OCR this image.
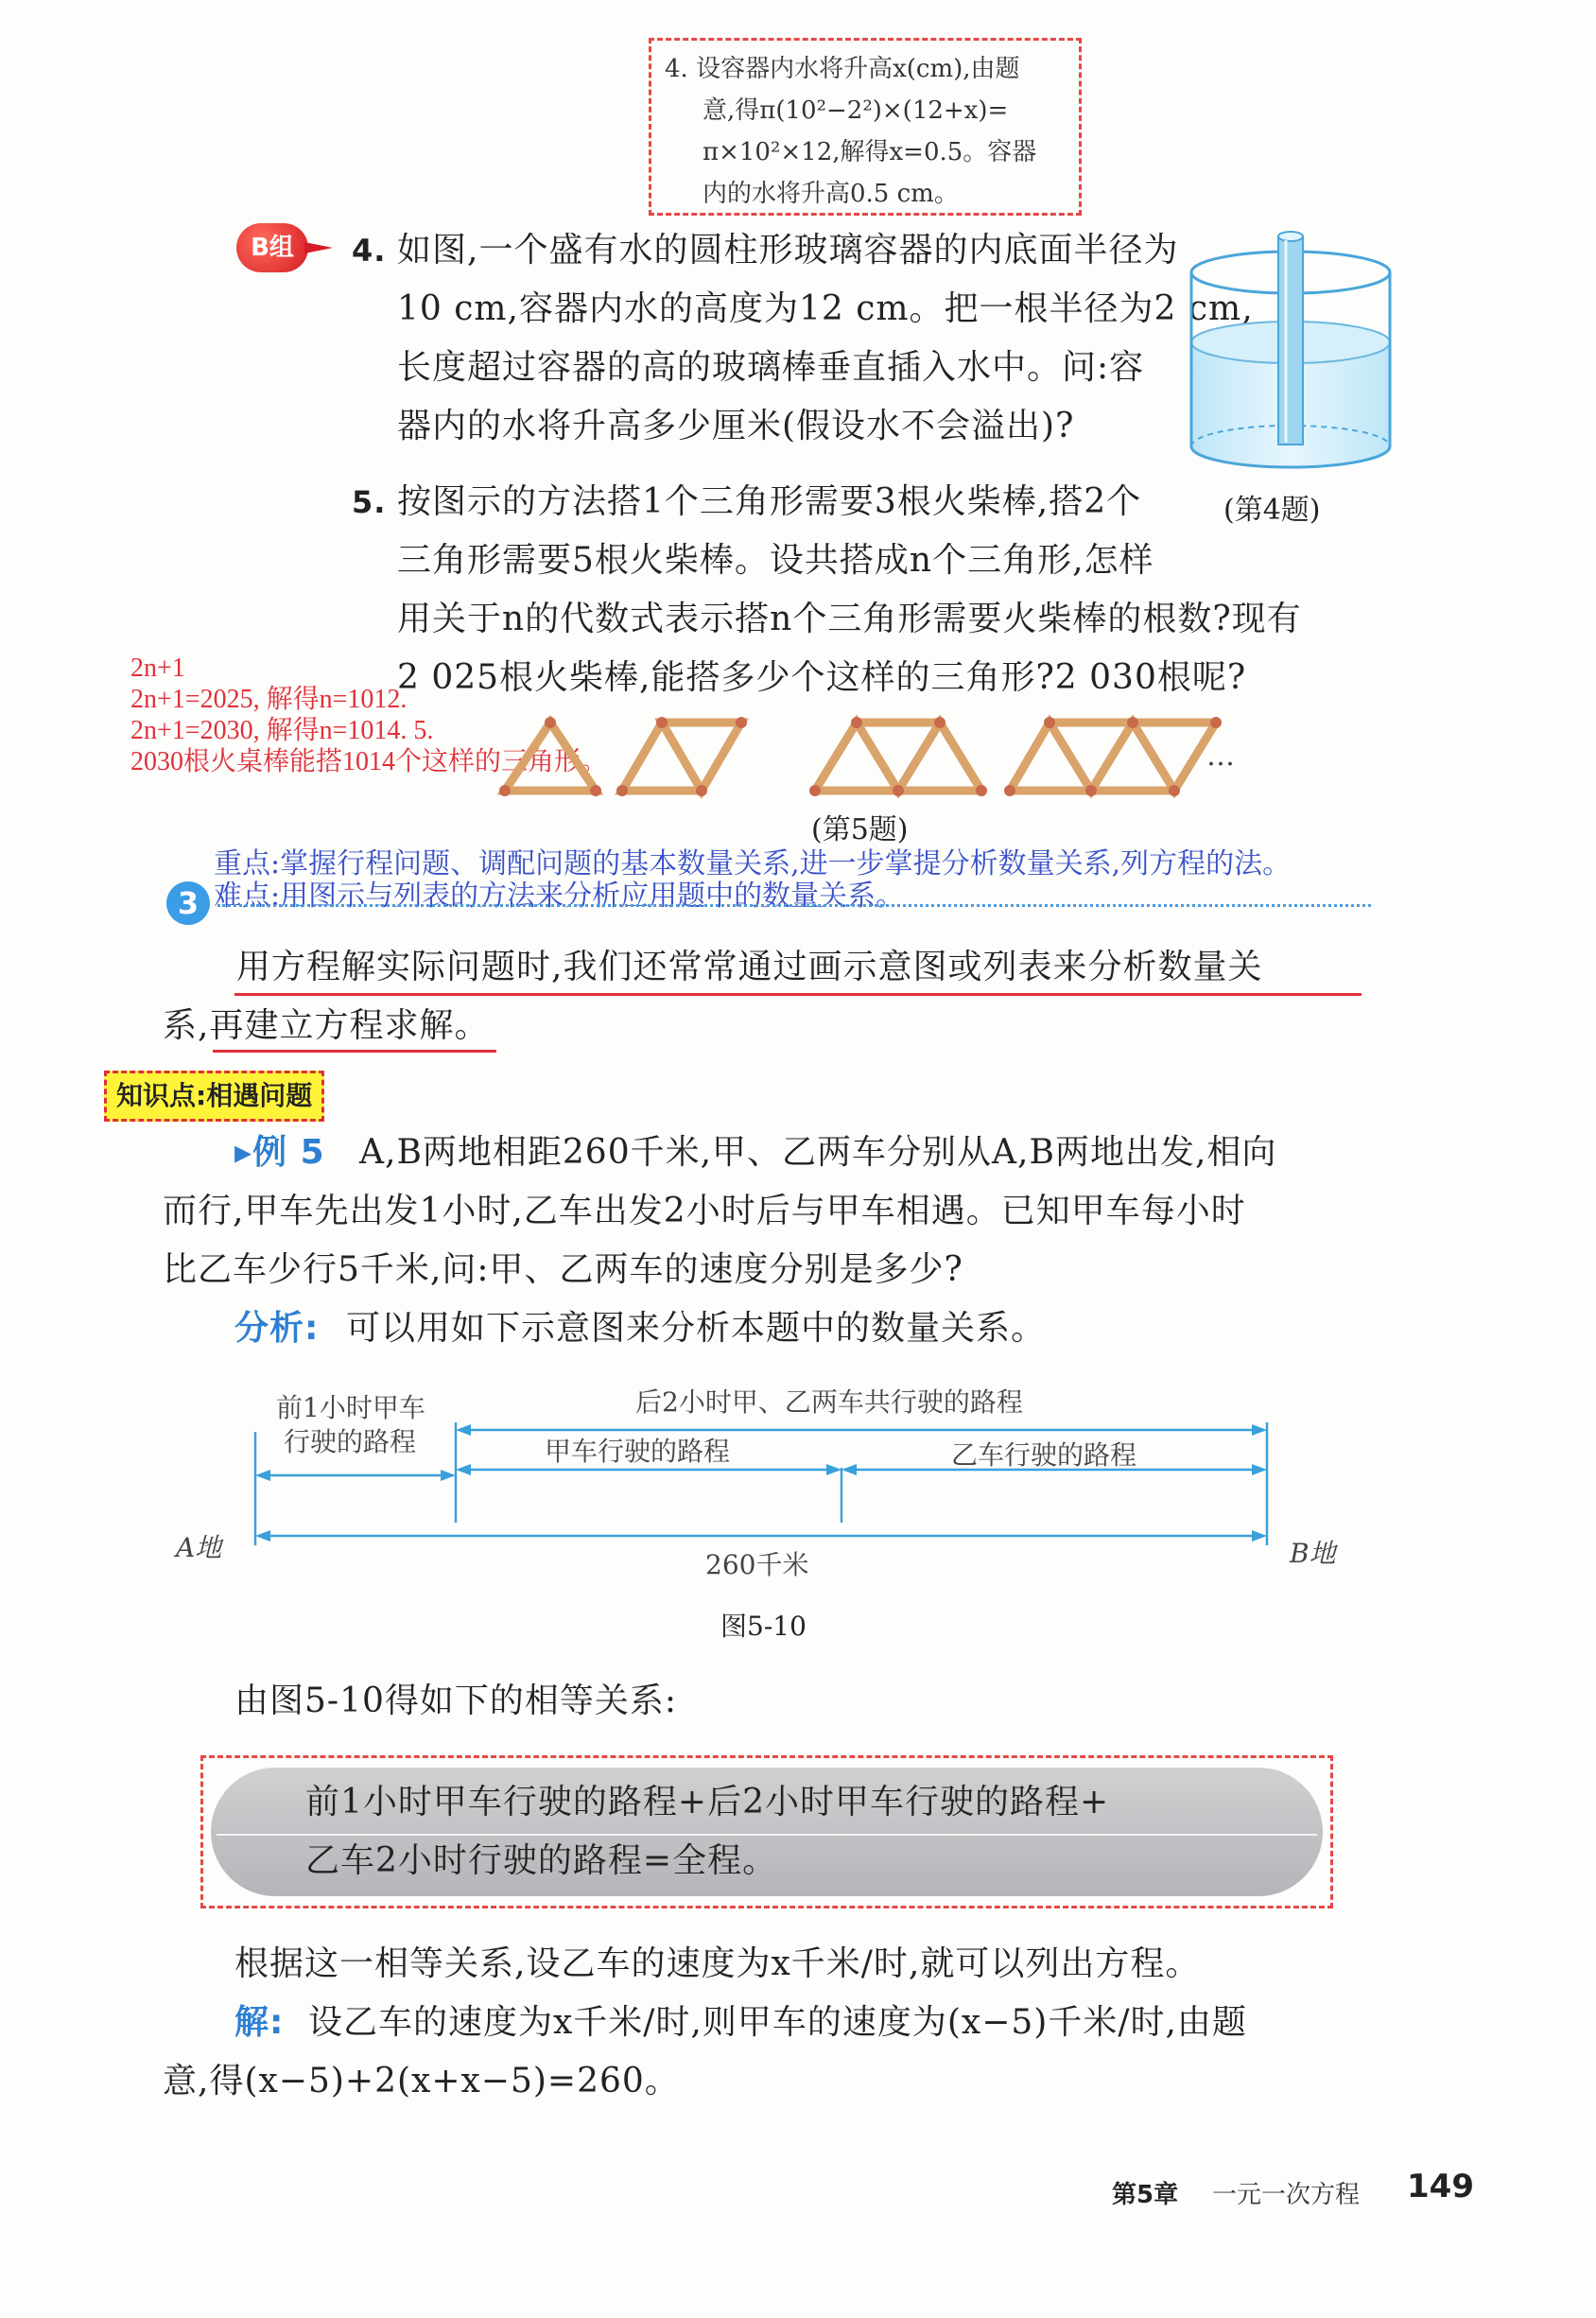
4. 设容器内水将升高x(cm),由题
意,得π(10²−2²)×(12+x)=
π×10²×12,解得x=0.5。容器
内的水将升高0.5 cm。
B组	4. 如图,一个盛有水的圆柱形玻璃容器的内底面半径为
10 cm,容器内水的高度为12 cm。把一根半径为2 cm,
长度超过容器的高的玻璃棒垂直插入水中。问:容
器内的水将升高多少厘米(假设水不会溢出)?
(第4题)
5. 按图示的方法搭1个三角形需要3根火柴棒,搭2个
三角形需要5根火柴棒。设共搭成n个三角形,怎样
用关于n的代数式表示搭n个三角形需要火柴棒的根数?现有
2 025根火柴棒,能搭多少个这样的三角形?2 030根呢?
2n+1
2n+1=2025, 解得n=1012.
2n+1=2030, 解得n=1014. 5.
2030根火桌棒能搭1014个这样的三角形。	…
(第5题)
重点:掌握行程问题、调配问题的基本数量关系,进一步掌提分析数量关系,列方程的法。
难点:用图示与列表的方法来分析应用题中的数量关系。
3
用方程解实际问题时,我们还常常通过画示意图或列表来分析数量关
系,再建立方程求解。
知识点:相遇问题
▸例 5 A,B两地相距260千米,甲、乙两车分别从A,B两地出发,相向
而行,甲车先出发1小时,乙车出发2小时后与甲车相遇。已知甲车每小时
比乙车少行5千米,问:甲、乙两车的速度分别是多少?
分析: 可以用如下示意图来分析本题中的数量关系。
前1小时甲车
行驶的路程
后2小时甲、乙两车共行驶的路程
甲车行驶的路程	乙车行驶的路程
A地	B地
260千米
图5-10
由图5-10得如下的相等关系:
前1小时甲车行驶的路程+后2小时甲车行驶的路程+
乙车2小时行驶的路程=全程。
根据这一相等关系,设乙车的速度为x千米/时,就可以列出方程。
解: 设乙车的速度为x千米/时,则甲车的速度为(x−5)千米/时,由题
意,得(x−5)+2(x+x−5)=260。
第5章 一元一次方程 149
